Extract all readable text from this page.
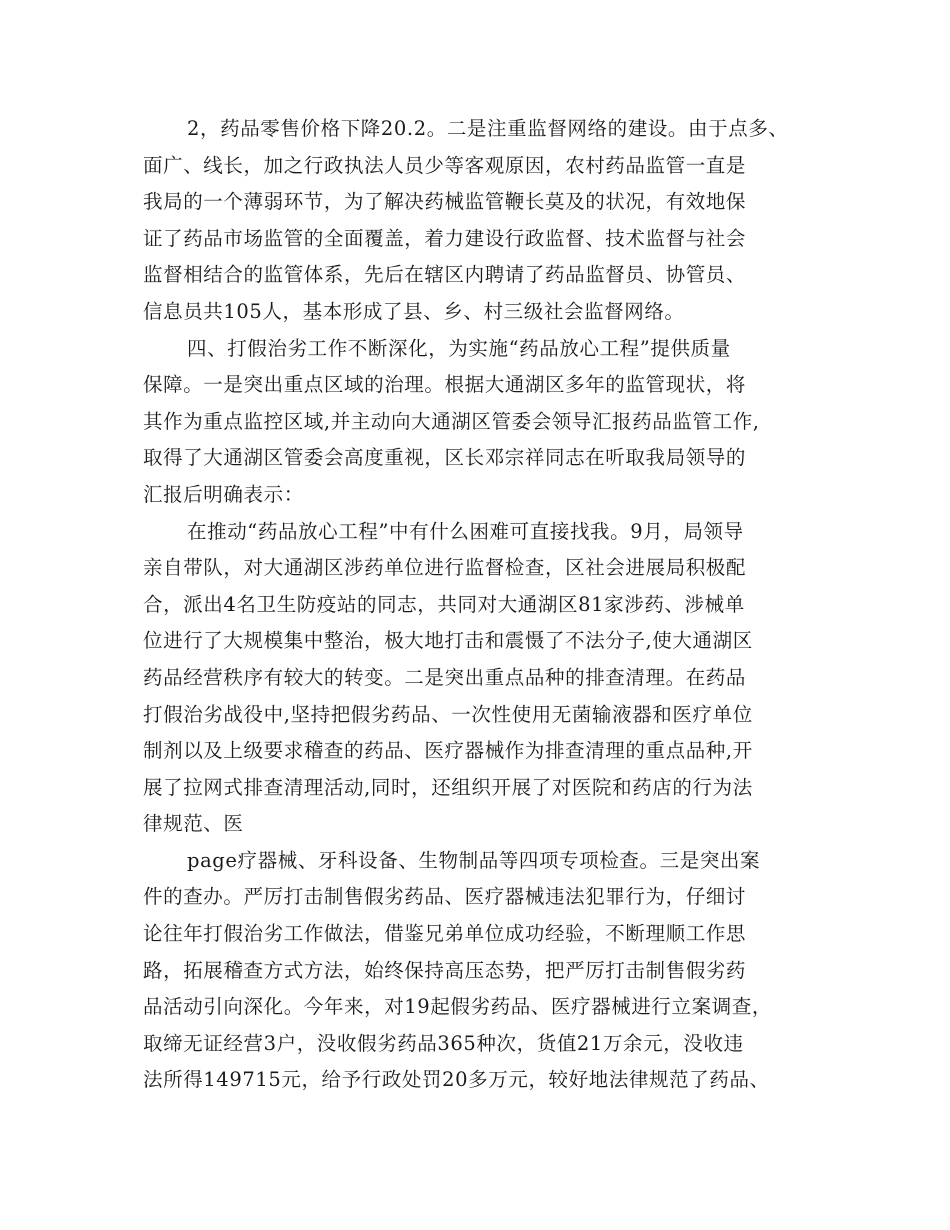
2，药品零售价格下降20.2。二是注重监督网络的建设。由于点多、
面广、线长，加之行政执法人员少等客观原因，农村药品监管一直是
我局的一个薄弱环节，为了解决药械监管鞭长莫及的状况，有效地保
证了药品市场监管的全面覆盖，着力建设行政监督、技术监督与社会
监督相结合的监管体系，先后在辖区内聘请了药品监督员、协管员、
信息员共105人，基本形成了县、乡、村三级社会监督网络。
四、打假治劣工作不断深化，为实施“药品放心工程”提供质量
保障。一是突出重点区域的治理。根据大通湖区多年的监管现状，将
其作为重点监控区域,并主动向大通湖区管委会领导汇报药品监管工作,
取得了大通湖区管委会高度重视，区长邓宗祥同志在听取我局领导的
汇报后明确表示：
在推动“药品放心工程”中有什么困难可直接找我。9月，局领导
亲自带队，对大通湖区涉药单位进行监督检查，区社会进展局积极配
合，派出4名卫生防疫站的同志，共同对大通湖区81家涉药、涉械单
位进行了大规模集中整治，极大地打击和震慑了不法分子,使大通湖区
药品经营秩序有较大的转变。二是突出重点品种的排查清理。在药品
打假治劣战役中,坚持把假劣药品、一次性使用无菌输液器和医疗单位
制剂以及上级要求稽查的药品、医疗器械作为排查清理的重点品种,开
展了拉网式排查清理活动,同时，还组织开展了对医院和药店的行为法
律规范、医
page疗器械、牙科设备、生物制品等四项专项检查。三是突出案
件的查办。严厉打击制售假劣药品、医疗器械违法犯罪行为，仔细讨
论往年打假治劣工作做法，借鉴兄弟单位成功经验，不断理顺工作思
路，拓展稽查方式方法，始终保持高压态势，把严厉打击制售假劣药
品活动引向深化。今年来，对19起假劣药品、医疗器械进行立案调查，
取缔无证经营3户，没收假劣药品365种次，货值21万余元，没收违
法所得149715元，给予行政处罚20多万元，较好地法律规范了药品、
